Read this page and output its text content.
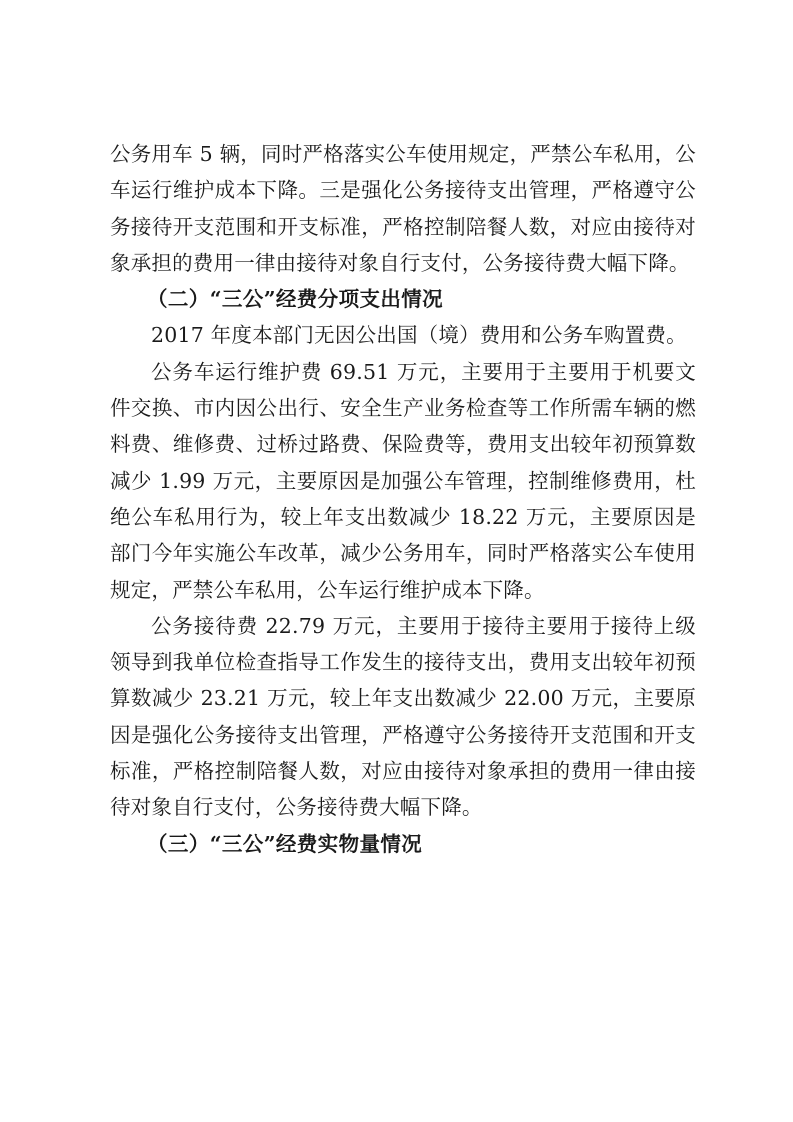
公务用车 5 辆，同时严格落实公车使用规定，严禁公车私用，公车运行维护成本下降。三是强化公务接待支出管理，严格遵守公务接待开支范围和开支标准，严格控制陪餐人数，对应由接待对象承担的费用一律由接待对象自行支付，公务接待费大幅下降。

（二）“三公”经费分项支出情况

2017 年度本部门无因公出国（境）费用和公务车购置费。

公务车运行维护费 69.51 万元，主要用于主要用于机要文件交换、市内因公出行、安全生产业务检查等工作所需车辆的燃料费、维修费、过桥过路费、保险费等，费用支出较年初预算数减少 1.99 万元，主要原因是加强公车管理，控制维修费用，杜绝公车私用行为，较上年支出数减少 18.22 万元，主要原因是部门今年实施公车改革，减少公务用车，同时严格落实公车使用规定，严禁公车私用，公车运行维护成本下降。

公务接待费 22.79 万元，主要用于接待主要用于接待上级领导到我单位检查指导工作发生的接待支出，费用支出较年初预算数减少 23.21 万元，较上年支出数减少 22.00 万元，主要原因是强化公务接待支出管理，严格遵守公务接待开支范围和开支标准，严格控制陪餐人数，对应由接待对象承担的费用一律由接待对象自行支付，公务接待费大幅下降。

（三）“三公”经费实物量情况
